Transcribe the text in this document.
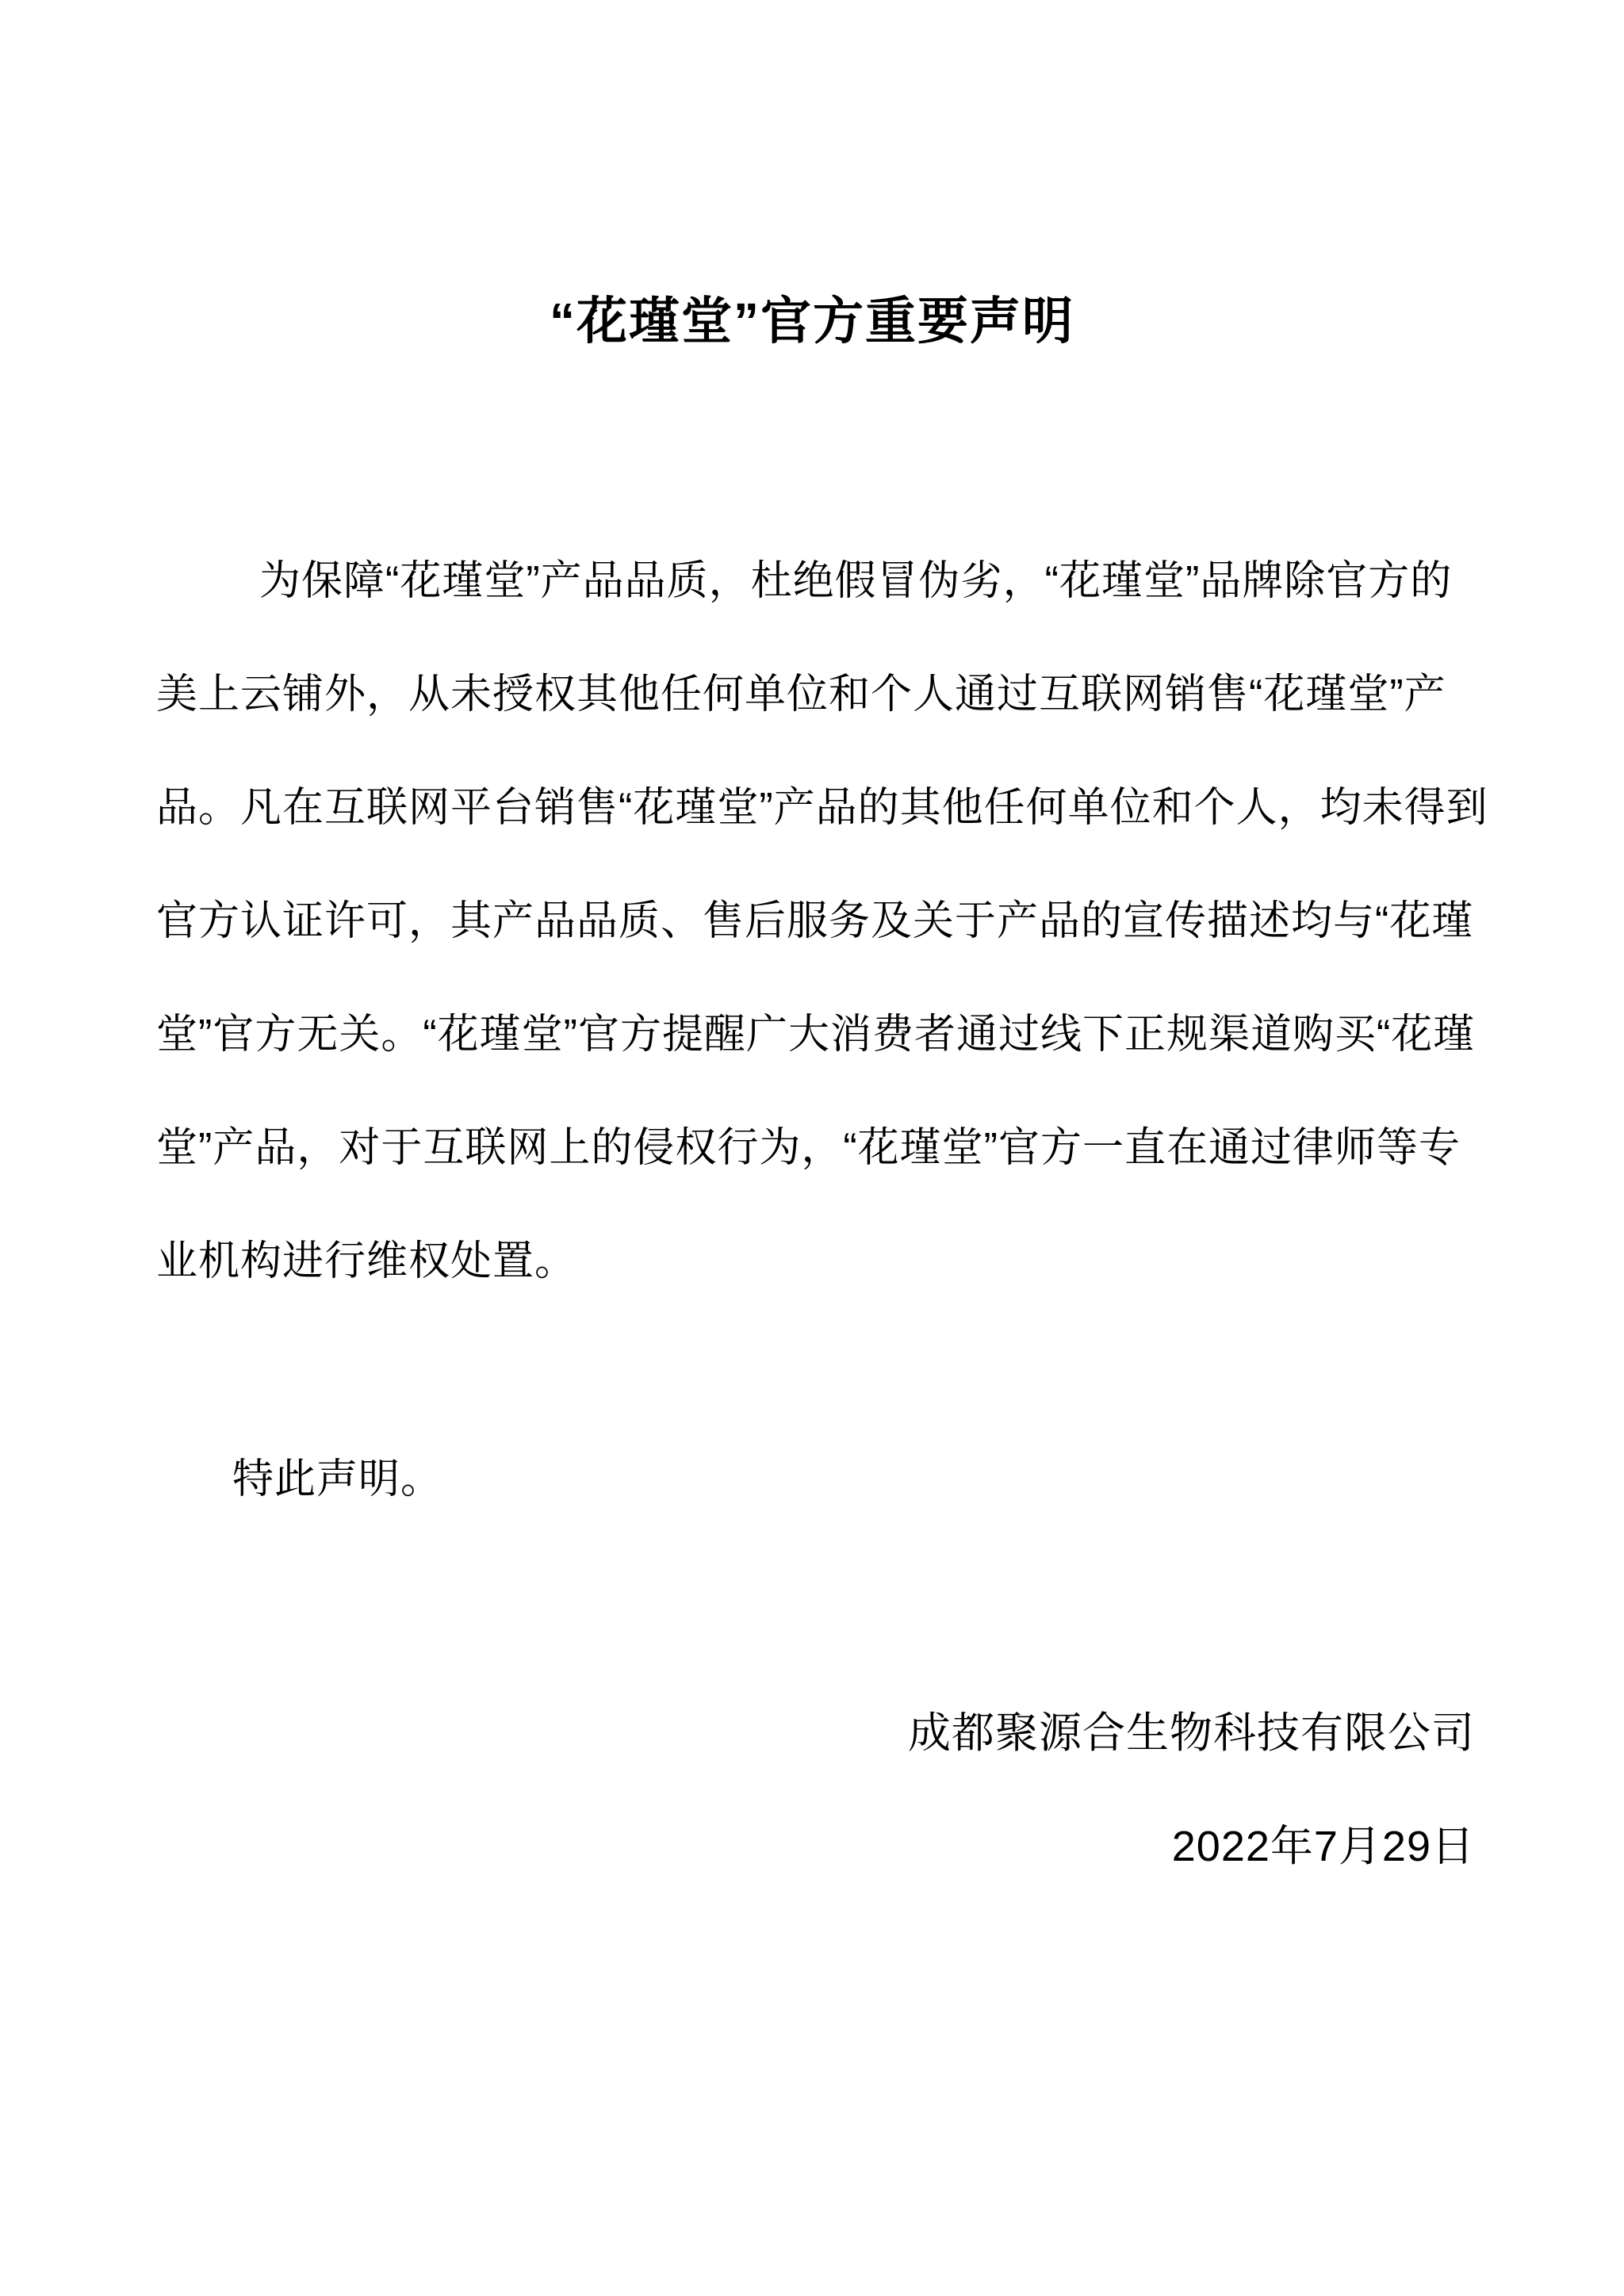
“花瑾堂”官方重要声明
为保障“花瑾堂”产品品质，杜绝假冒伪劣，“花瑾堂”品牌除官方的
美上云铺外，从未授权其他任何单位和个人通过互联网销售“花瑾堂”产
品。凡在互联网平台销售“花瑾堂”产品的其他任何单位和个人，均未得到
官方认证许可，其产品品质、售后服务及关于产品的宣传描述均与“花瑾
堂”官方无关。“花瑾堂”官方提醒广大消费者通过线下正规渠道购买“花瑾
堂”产品，对于互联网上的侵权行为，“花瑾堂”官方一直在通过律师等专
业机构进行维权处置。
特此声明。
成都聚源合生物科技有限公司
2022年7月29日
